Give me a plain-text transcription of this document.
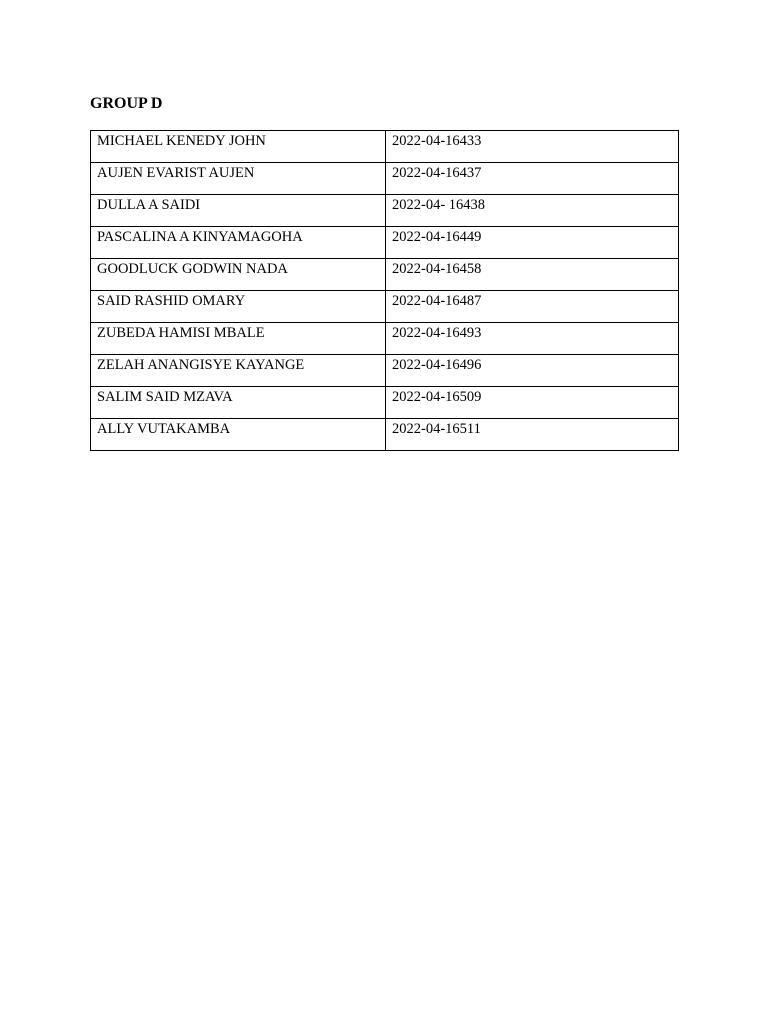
GROUP D
MICHAEL KENEDY JOHN	2022-04-16433
AUJEN EVARIST AUJEN	2022-04-16437
DULLA A SAIDI	2022-04- 16438
PASCALINA A KINYAMAGOHA	2022-04-16449
GOODLUCK GODWIN NADA	2022-04-16458
SAID RASHID OMARY	2022-04-16487
ZUBEDA HAMISI MBALE	2022-04-16493
ZELAH ANANGISYE KAYANGE	2022-04-16496
SALIM SAID MZAVA	2022-04-16509
ALLY VUTAKAMBA	2022-04-16511
